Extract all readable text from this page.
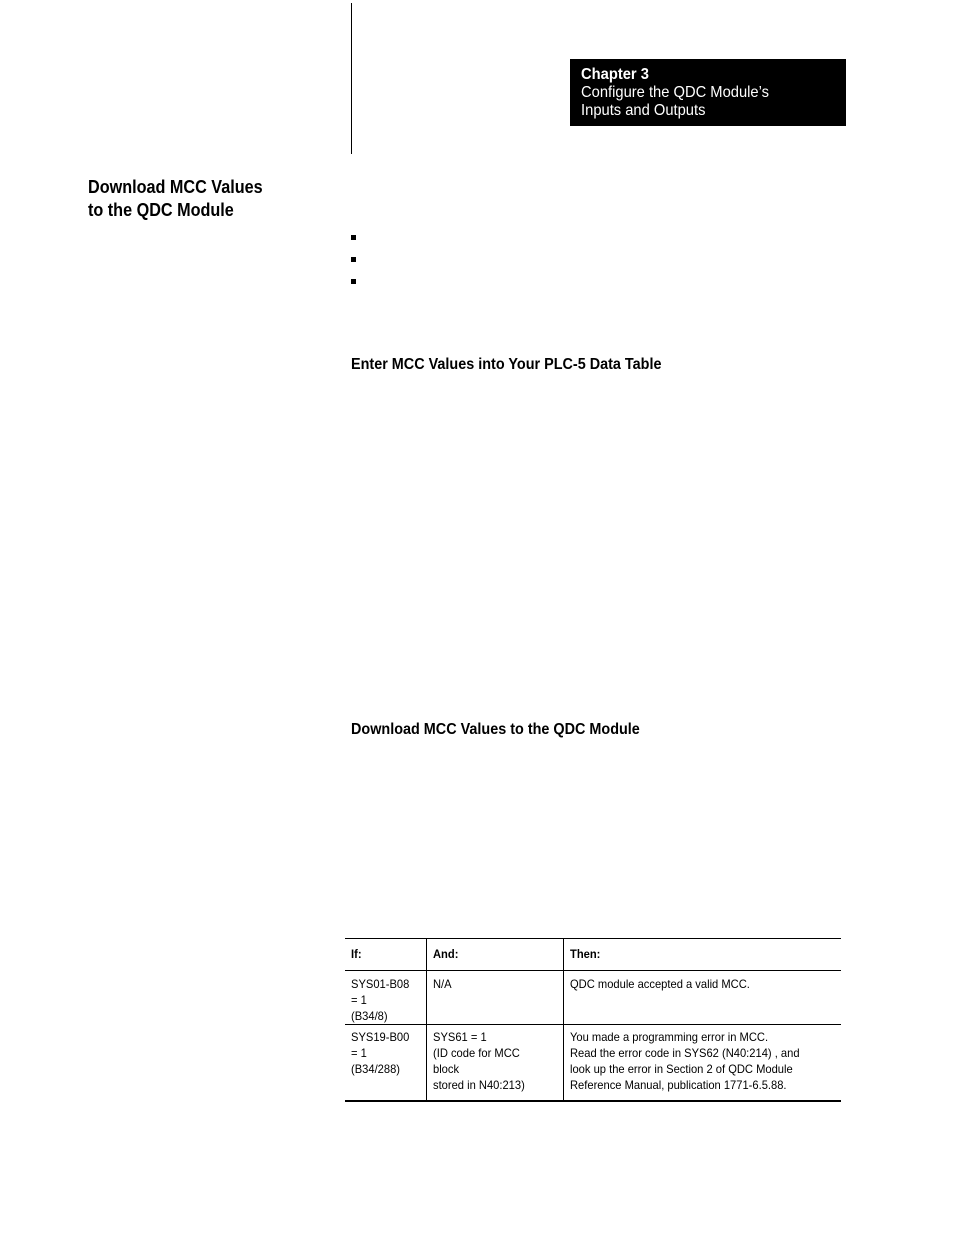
Chapter 3
Configure the QDC Module’s
Inputs and Outputs
Download MCC Values
to the QDC Module
Enter MCC Values into Your PLC-5 Data Table
Download MCC Values to the QDC Module
If:	And:	Then:

SYS01-B08 = 1
(B34/8)	N/A	QDC module accepted a valid MCC.

SYS19-B00 = 1
(B34/288)	SYS61 = 1
(ID code for MCC block
stored in N40:213)	You made a programming error in MCC.
Read the error code in SYS62 (N40:214) , and
look up the error in Section 2 of QDC Module
Reference Manual, publication 1771-6.5.88.
